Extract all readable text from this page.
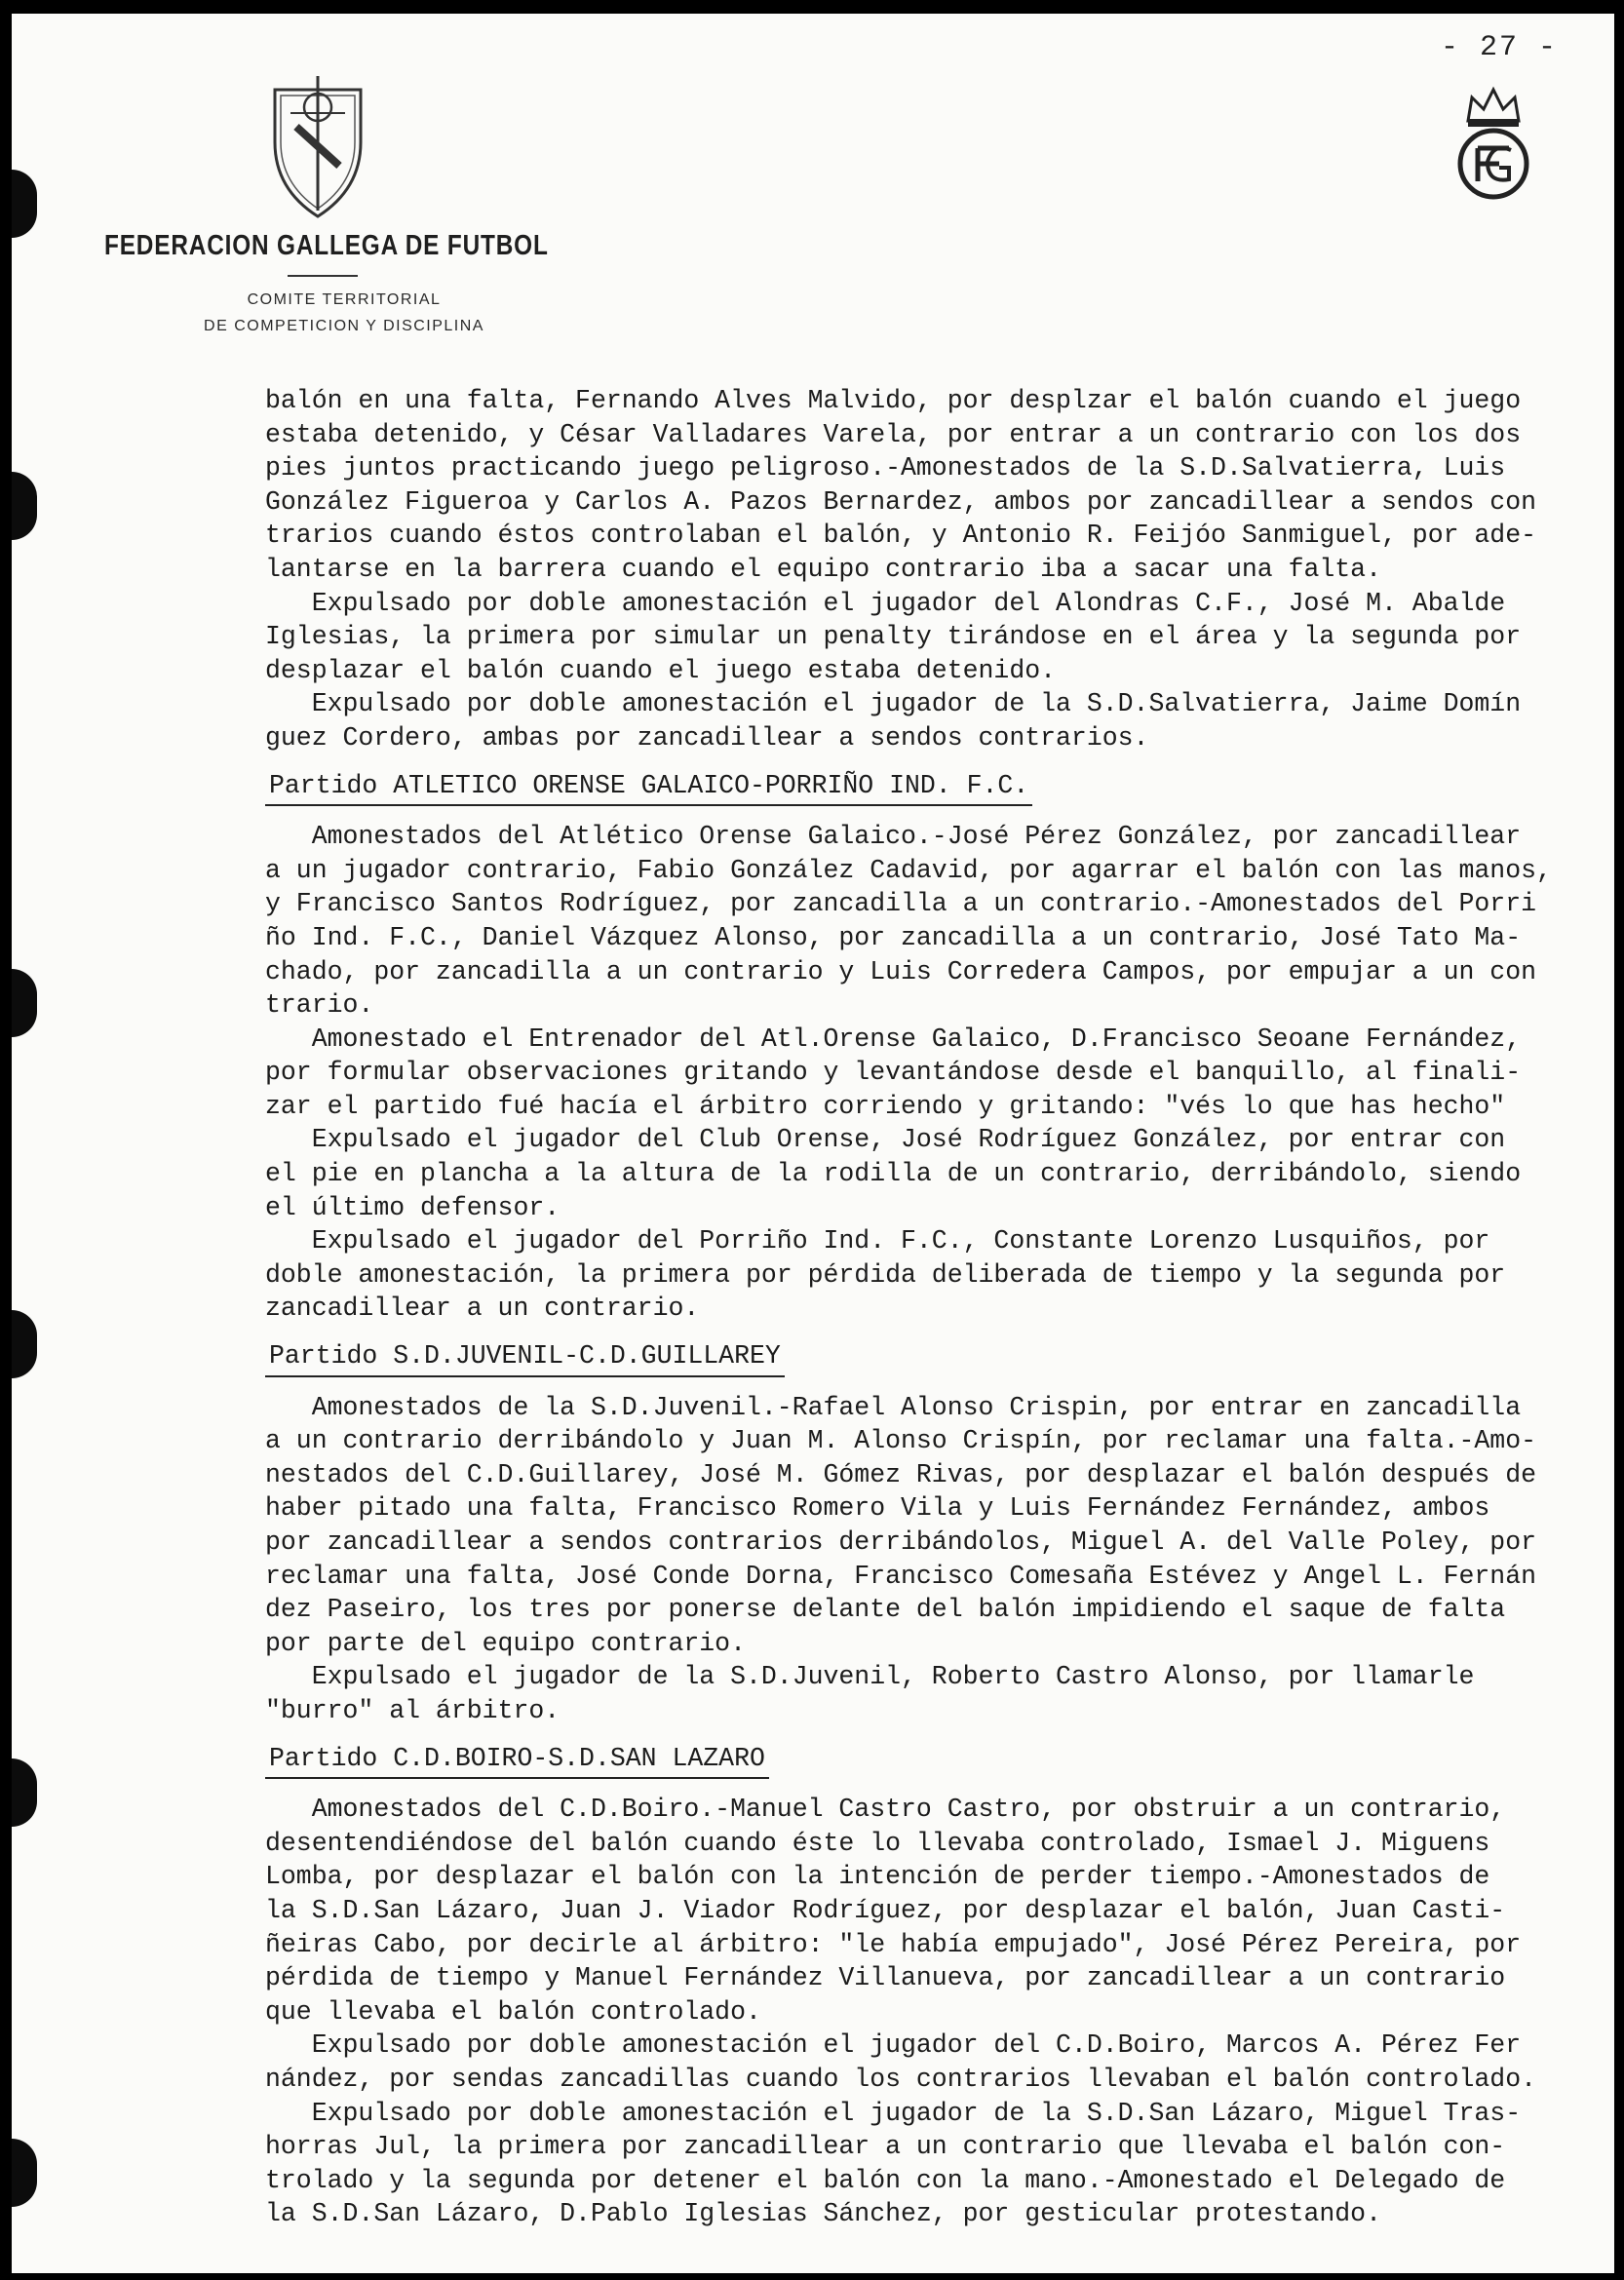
- 27 -
FEDERACION GALLEGA DE FUTBOL
COMITE TERRITORIAL
DE COMPETICION Y DISCIPLINA

balón en una falta, Fernando Alves Malvido, por desplzar el balón cuando el juego
estaba detenido, y César Valladares Varela, por entrar a un contrario con los dos
pies juntos practicando juego peligroso.-Amonestados de la S.D.Salvatierra, Luis
González Figueroa y Carlos A. Pazos Bernardez, ambos por zancadillear a sendos con
trarios cuando éstos controlaban el balón, y Antonio R. Feijóo Sanmiguel, por ade-
lantarse en la barrera cuando el equipo contrario iba a sacar una falta.

Expulsado por doble amonestación el jugador del Alondras C.F., José M. Abalde
Iglesias, la primera por simular un penalty tirándose en el área y la segunda por
desplazar el balón cuando el juego estaba detenido.

Expulsado por doble amonestación el jugador de la S.D.Salvatierra, Jaime Domín
guez Cordero, ambas por zancadillear a sendos contrarios.

Partido ATLETICO ORENSE GALAICO-PORRIÑO IND. F.C.

Amonestados del Atlético Orense Galaico.-José Pérez González, por zancadillear
a un jugador contrario, Fabio González Cadavid, por agarrar el balón con las manos,
y Francisco Santos Rodríguez, por zancadilla a un contrario.-Amonestados del Porri
ño Ind. F.C., Daniel Vázquez Alonso, por zancadilla a un contrario, José Tato Ma-
chado, por zancadilla a un contrario y Luis Corredera Campos, por empujar a un con
trario.

Amonestado el Entrenador del Atl.Orense Galaico, D.Francisco Seoane Fernández,
por formular observaciones gritando y levantándose desde el banquillo, al finali-
zar el partido fué hacía el árbitro corriendo y gritando: "vés lo que has hecho"

Expulsado el jugador del Club Orense, José Rodríguez González, por entrar con
el pie en plancha a la altura de la rodilla de un contrario, derribándolo, siendo
el último defensor.

Expulsado el jugador del Porriño Ind. F.C., Constante Lorenzo Lusquiños, por
doble amonestación, la primera por pérdida deliberada de tiempo y la segunda por
zancadillear a un contrario.

Partido S.D.JUVENIL-C.D.GUILLAREY

Amonestados de la S.D.Juvenil.-Rafael Alonso Crispin, por entrar en zancadilla
a un contrario derribándolo y Juan M. Alonso Crispín, por reclamar una falta.-Amo-
nestados del C.D.Guillarey, José M. Gómez Rivas, por desplazar el balón después de
haber pitado una falta, Francisco Romero Vila y Luis Fernández Fernández, ambos
por zancadillear a sendos contrarios derribándolos, Miguel A. del Valle Poley, por
reclamar una falta, José Conde Dorna, Francisco Comesaña Estévez y Angel L. Fernán
dez Paseiro, los tres por ponerse delante del balón impidiendo el saque de falta
por parte del equipo contrario.

Expulsado el jugador de la S.D.Juvenil, Roberto Castro Alonso, por llamarle
"burro" al árbitro.

Partido C.D.BOIRO-S.D.SAN LAZARO

Amonestados del C.D.Boiro.-Manuel Castro Castro, por obstruir a un contrario,
desentendiéndose del balón cuando éste lo llevaba controlado, Ismael J. Miguens
Lomba, por desplazar el balón con la intención de perder tiempo.-Amonestados de
la S.D.San Lázaro, Juan J. Viador Rodríguez, por desplazar el balón, Juan Casti-
ñeiras Cabo, por decirle al árbitro: "le había empujado", José Pérez Pereira, por
pérdida de tiempo y Manuel Fernández Villanueva, por zancadillear a un contrario
que llevaba el balón controlado.

Expulsado por doble amonestación el jugador del C.D.Boiro, Marcos A. Pérez Fer
nández, por sendas zancadillas cuando los contrarios llevaban el balón controlado.

Expulsado por doble amonestación el jugador de la S.D.San Lázaro, Miguel Tras-
horras Jul, la primera por zancadillear a un contrario que llevaba el balón con-
trolado y la segunda por detener el balón con la mano.-Amonestado el Delegado de
la S.D.San Lázaro, D.Pablo Iglesias Sánchez, por gesticular protestando.
